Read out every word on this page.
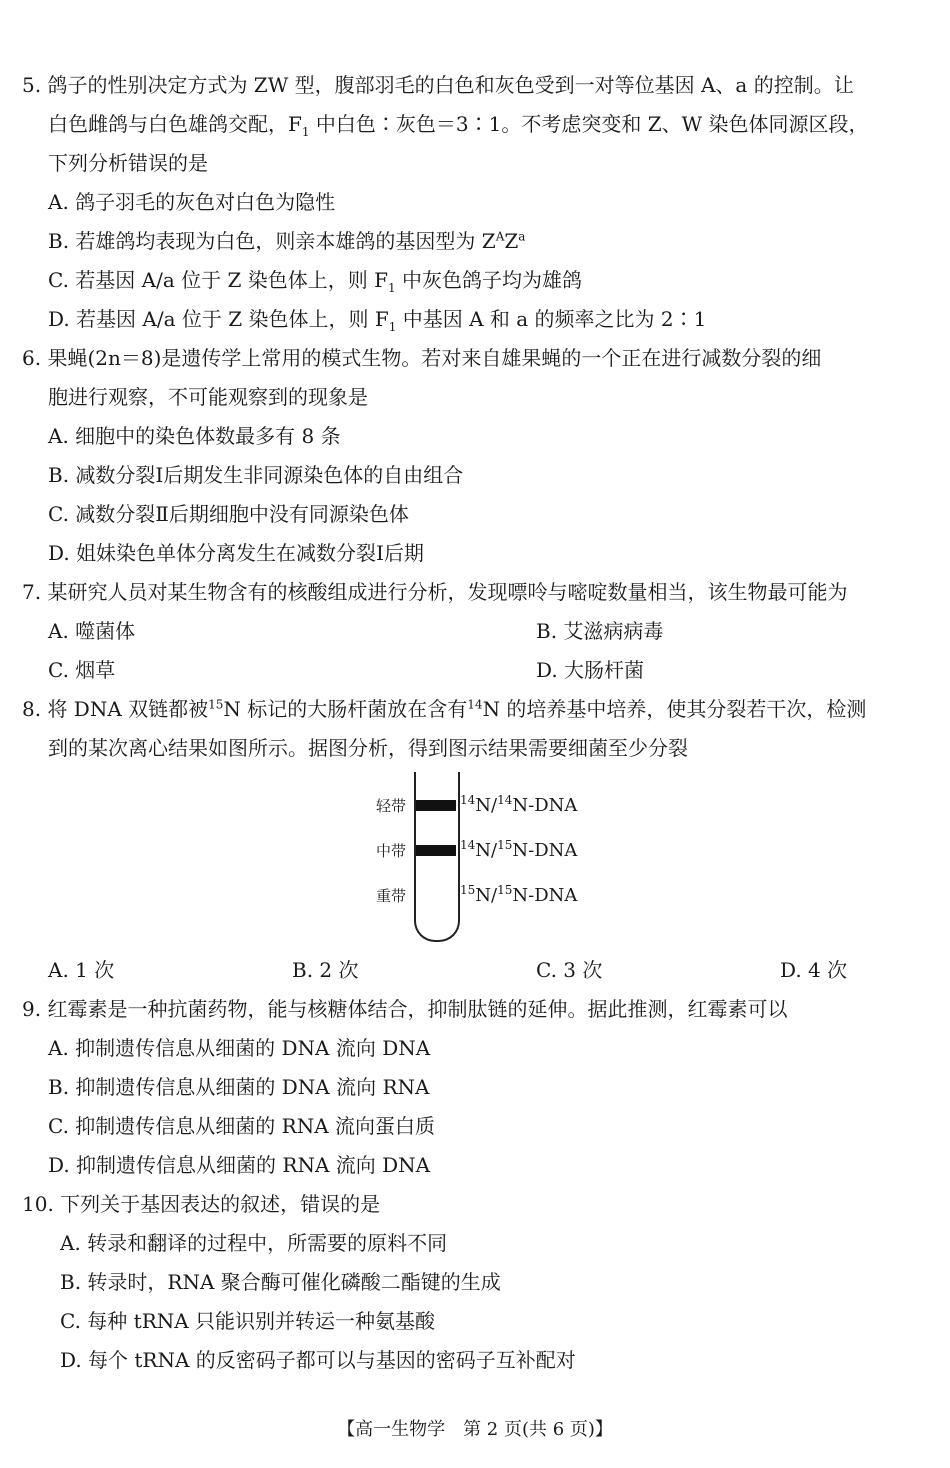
5. 鸽子的性别决定方式为 ZW 型，腹部羽毛的白色和灰色受到一对等位基因 A、a 的控制。让
白色雌鸽与白色雄鸽交配，$F_1$ 中白色∶灰色＝3∶1。不考虑突变和 Z、W 染色体同源区段，
下列分析错误的是
A. 鸽子羽毛的灰色对白色为隐性
B. 若雄鸽均表现为白色，则亲本雄鸽的基因型为 $Z^AZ^a$
C. 若基因 A/a 位于 Z 染色体上，则 $F_1$ 中灰色鸽子均为雄鸽
D. 若基因 A/a 位于 Z 染色体上，则 $F_1$ 中基因 A 和 a 的频率之比为 2∶1
6. 果蝇(2n＝8)是遗传学上常用的模式生物。若对来自雄果蝇的一个正在进行减数分裂的细
胞进行观察，不可能观察到的现象是
A. 细胞中的染色体数最多有 8 条
B. 减数分裂Ⅰ后期发生非同源染色体的自由组合
C. 减数分裂Ⅱ后期细胞中没有同源染色体
D. 姐妹染色单体分离发生在减数分裂Ⅰ后期
7. 某研究人员对某生物含有的核酸组成进行分析，发现嘌呤与嘧啶数量相当，该生物最可能为
A. 噬菌体	B. 艾滋病病毒
C. 烟草	D. 大肠杆菌
8. 将 DNA 双链都被$^{15}$N 标记的大肠杆菌放在含有$^{14}$N 的培养基中培养，使其分裂若干次，检测
到的某次离心结果如图所示。据图分析，得到图示结果需要细菌至少分裂
轻带
中带
重带
$^{14}$N/$^{14}$N-DNA
$^{14}$N/$^{15}$N-DNA
$^{15}$N/$^{15}$N-DNA
A. 1 次	B. 2 次	C. 3 次	D. 4 次
9. 红霉素是一种抗菌药物，能与核糖体结合，抑制肽链的延伸。据此推测，红霉素可以
A. 抑制遗传信息从细菌的 DNA 流向 DNA
B. 抑制遗传信息从细菌的 DNA 流向 RNA
C. 抑制遗传信息从细菌的 RNA 流向蛋白质
D. 抑制遗传信息从细菌的 RNA 流向 DNA
10. 下列关于基因表达的叙述，错误的是
A. 转录和翻译的过程中，所需要的原料不同
B. 转录时，RNA 聚合酶可催化磷酸二酯键的生成
C. 每种 tRNA 只能识别并转运一种氨基酸
D. 每个 tRNA 的反密码子都可以与基因的密码子互补配对
【高一生物学　第 2 页(共 6 页)】
